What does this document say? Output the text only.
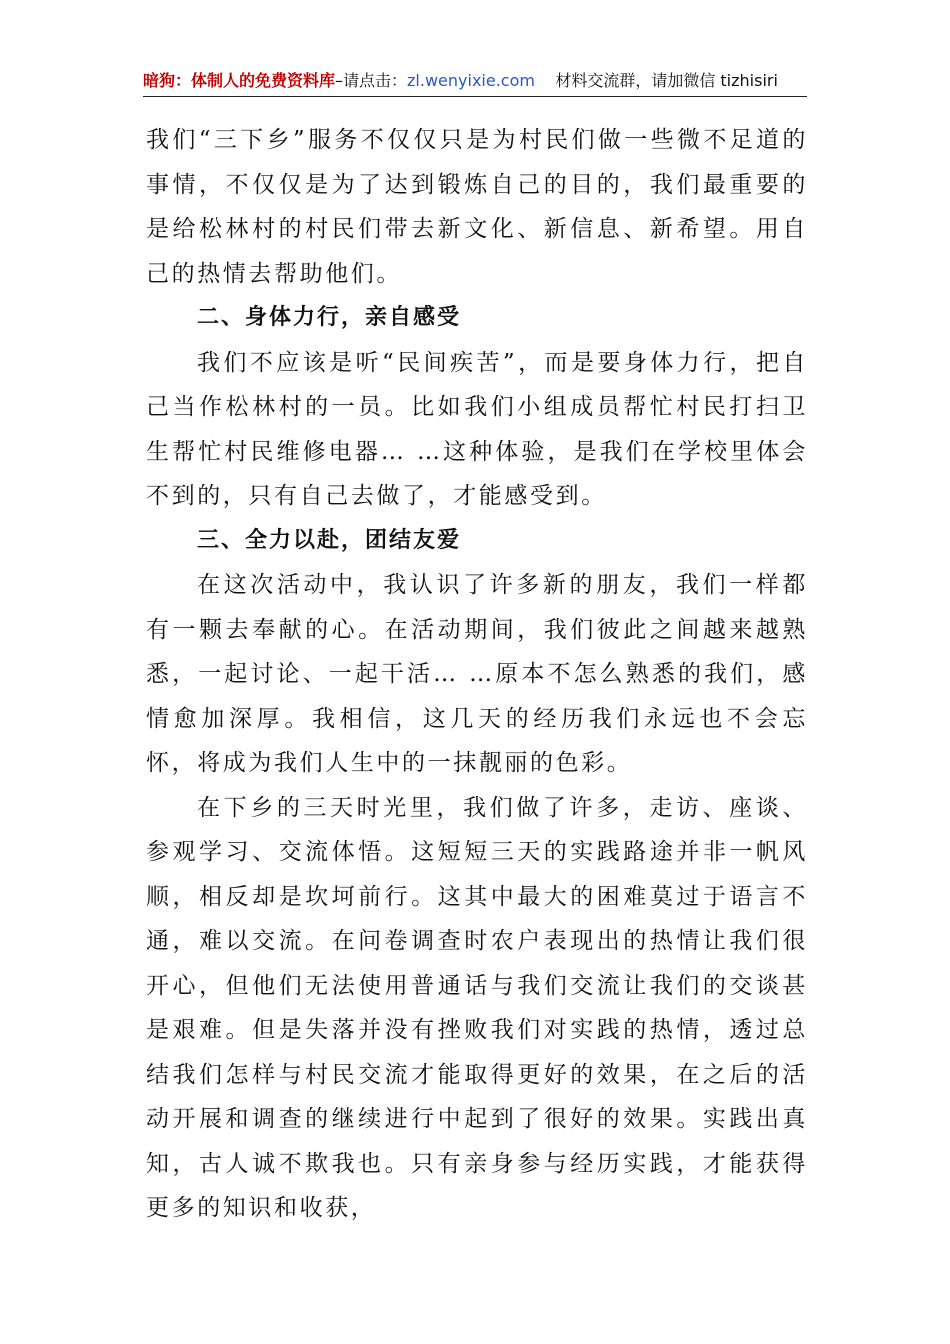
暗狗：体制人的免费资料库–请点击：zl.wenyixie.com 材料交流群，请加微信 tizhisiri

我们“三下乡”服务不仅仅只是为村民们做一些微不足道的事情，不仅仅是为了达到锻炼自己的目的，我们最重要的是给松林村的村民们带去新文化、新信息、新希望。用自己的热情去帮助他们。

二、身体力行，亲自感受

我们不应该是听“民间疾苦”，而是要身体力行，把自己当作松林村的一员。比如我们小组成员帮忙村民打扫卫生帮忙村民维修电器… …这种体验，是我们在学校里体会不到的，只有自己去做了，才能感受到。

三、全力以赴，团结友爱

在这次活动中，我认识了许多新的朋友，我们一样都有一颗去奉献的心。在活动期间，我们彼此之间越来越熟悉，一起讨论、一起干活… …原本不怎么熟悉的我们，感情愈加深厚。我相信，这几天的经历我们永远也不会忘怀，将成为我们人生中的一抹靓丽的色彩。

在下乡的三天时光里，我们做了许多，走访、座谈、参观学习、交流体悟。这短短三天的实践路途并非一帆风顺，相反却是坎坷前行。这其中最大的困难莫过于语言不通，难以交流。在问卷调查时农户表现出的热情让我们很开心，但他们无法使用普通话与我们交流让我们的交谈甚是艰难。但是失落并没有挫败我们对实践的热情，透过总结我们怎样与村民交流才能取得更好的效果，在之后的活动开展和调查的继续进行中起到了很好的效果。实践出真知，古人诚不欺我也。只有亲身参与经历实践，才能获得更多的知识和收获，
